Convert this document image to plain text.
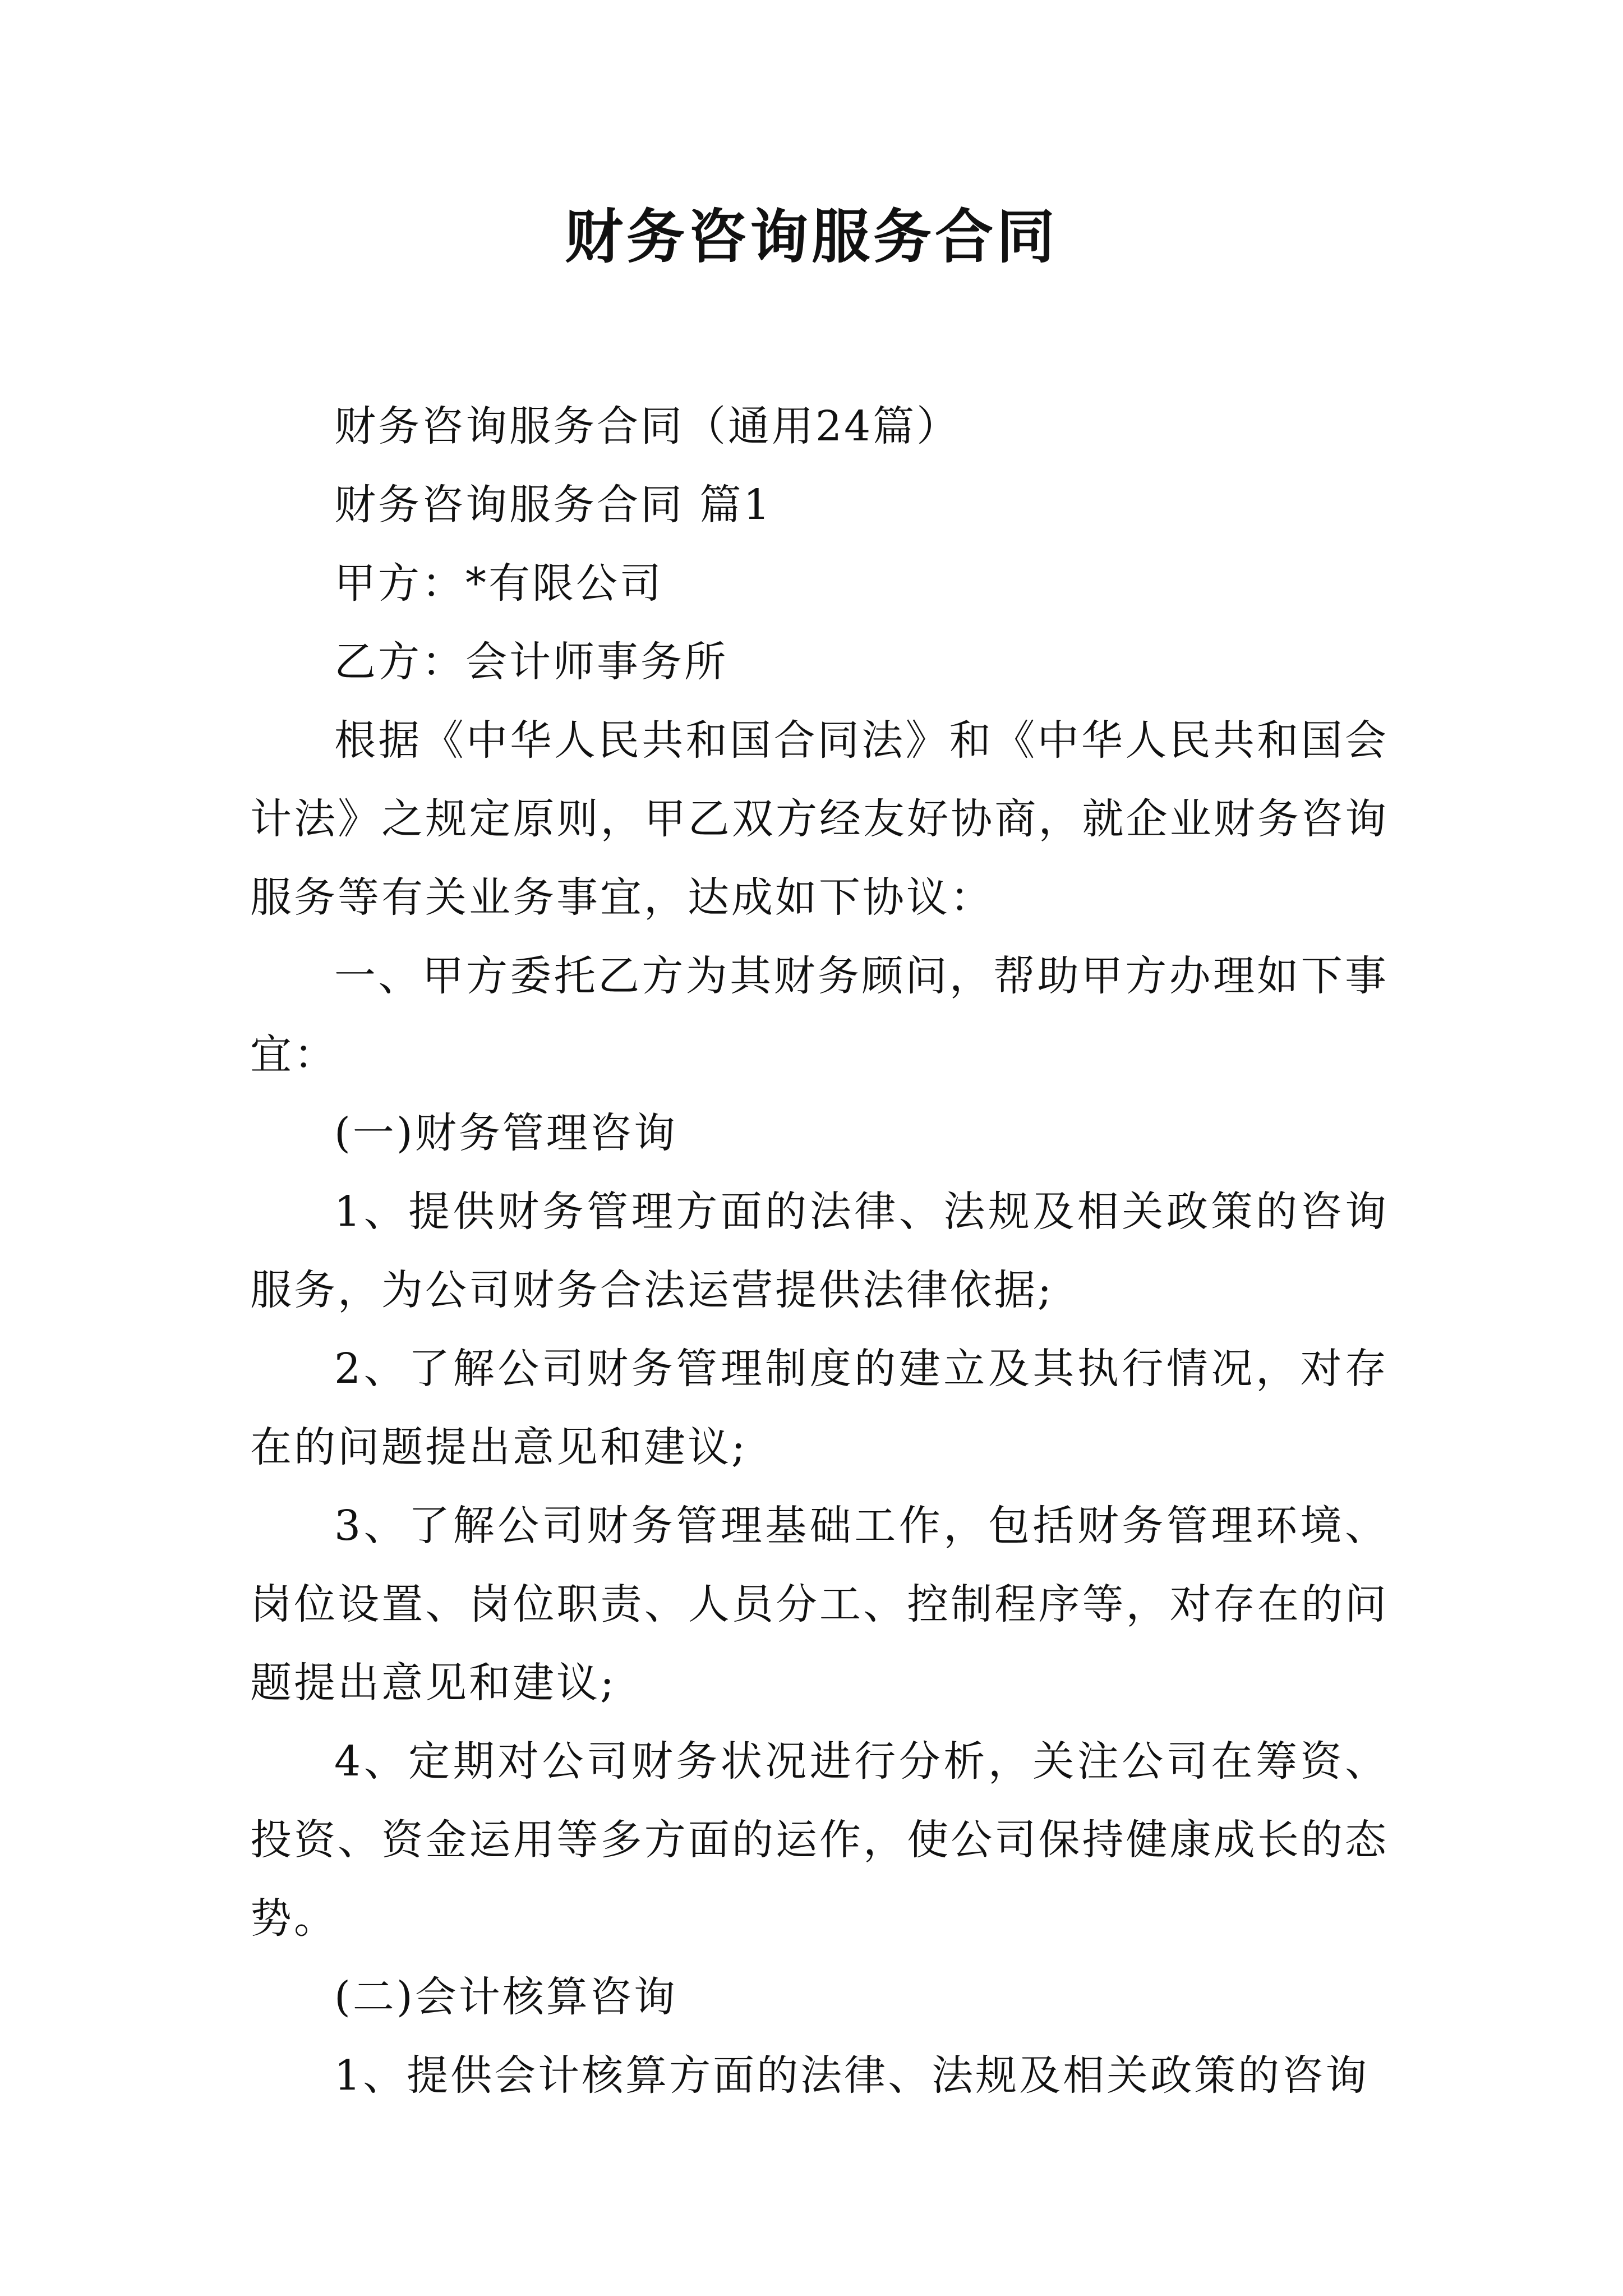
财务咨询服务合同

财务咨询服务合同（通用24篇）

财务咨询服务合同 篇1

甲方：*有限公司

乙方：会计师事务所

根据《中华人民共和国合同法》和《中华人民共和国会计法》之规定原则，甲乙双方经友好协商，就企业财务咨询服务等有关业务事宜，达成如下协议：

一、甲方委托乙方为其财务顾问，帮助甲方办理如下事宜：

(一)财务管理咨询

1、提供财务管理方面的法律、法规及相关政策的咨询服务，为公司财务合法运营提供法律依据;

2、了解公司财务管理制度的建立及其执行情况，对存在的问题提出意见和建议;

3、了解公司财务管理基础工作，包括财务管理环境、岗位设置、岗位职责、人员分工、控制程序等，对存在的问题提出意见和建议;

4、定期对公司财务状况进行分析，关注公司在筹资、投资、资金运用等多方面的运作，使公司保持健康成长的态势。

(二)会计核算咨询

1、提供会计核算方面的法律、法规及相关政策的咨询
